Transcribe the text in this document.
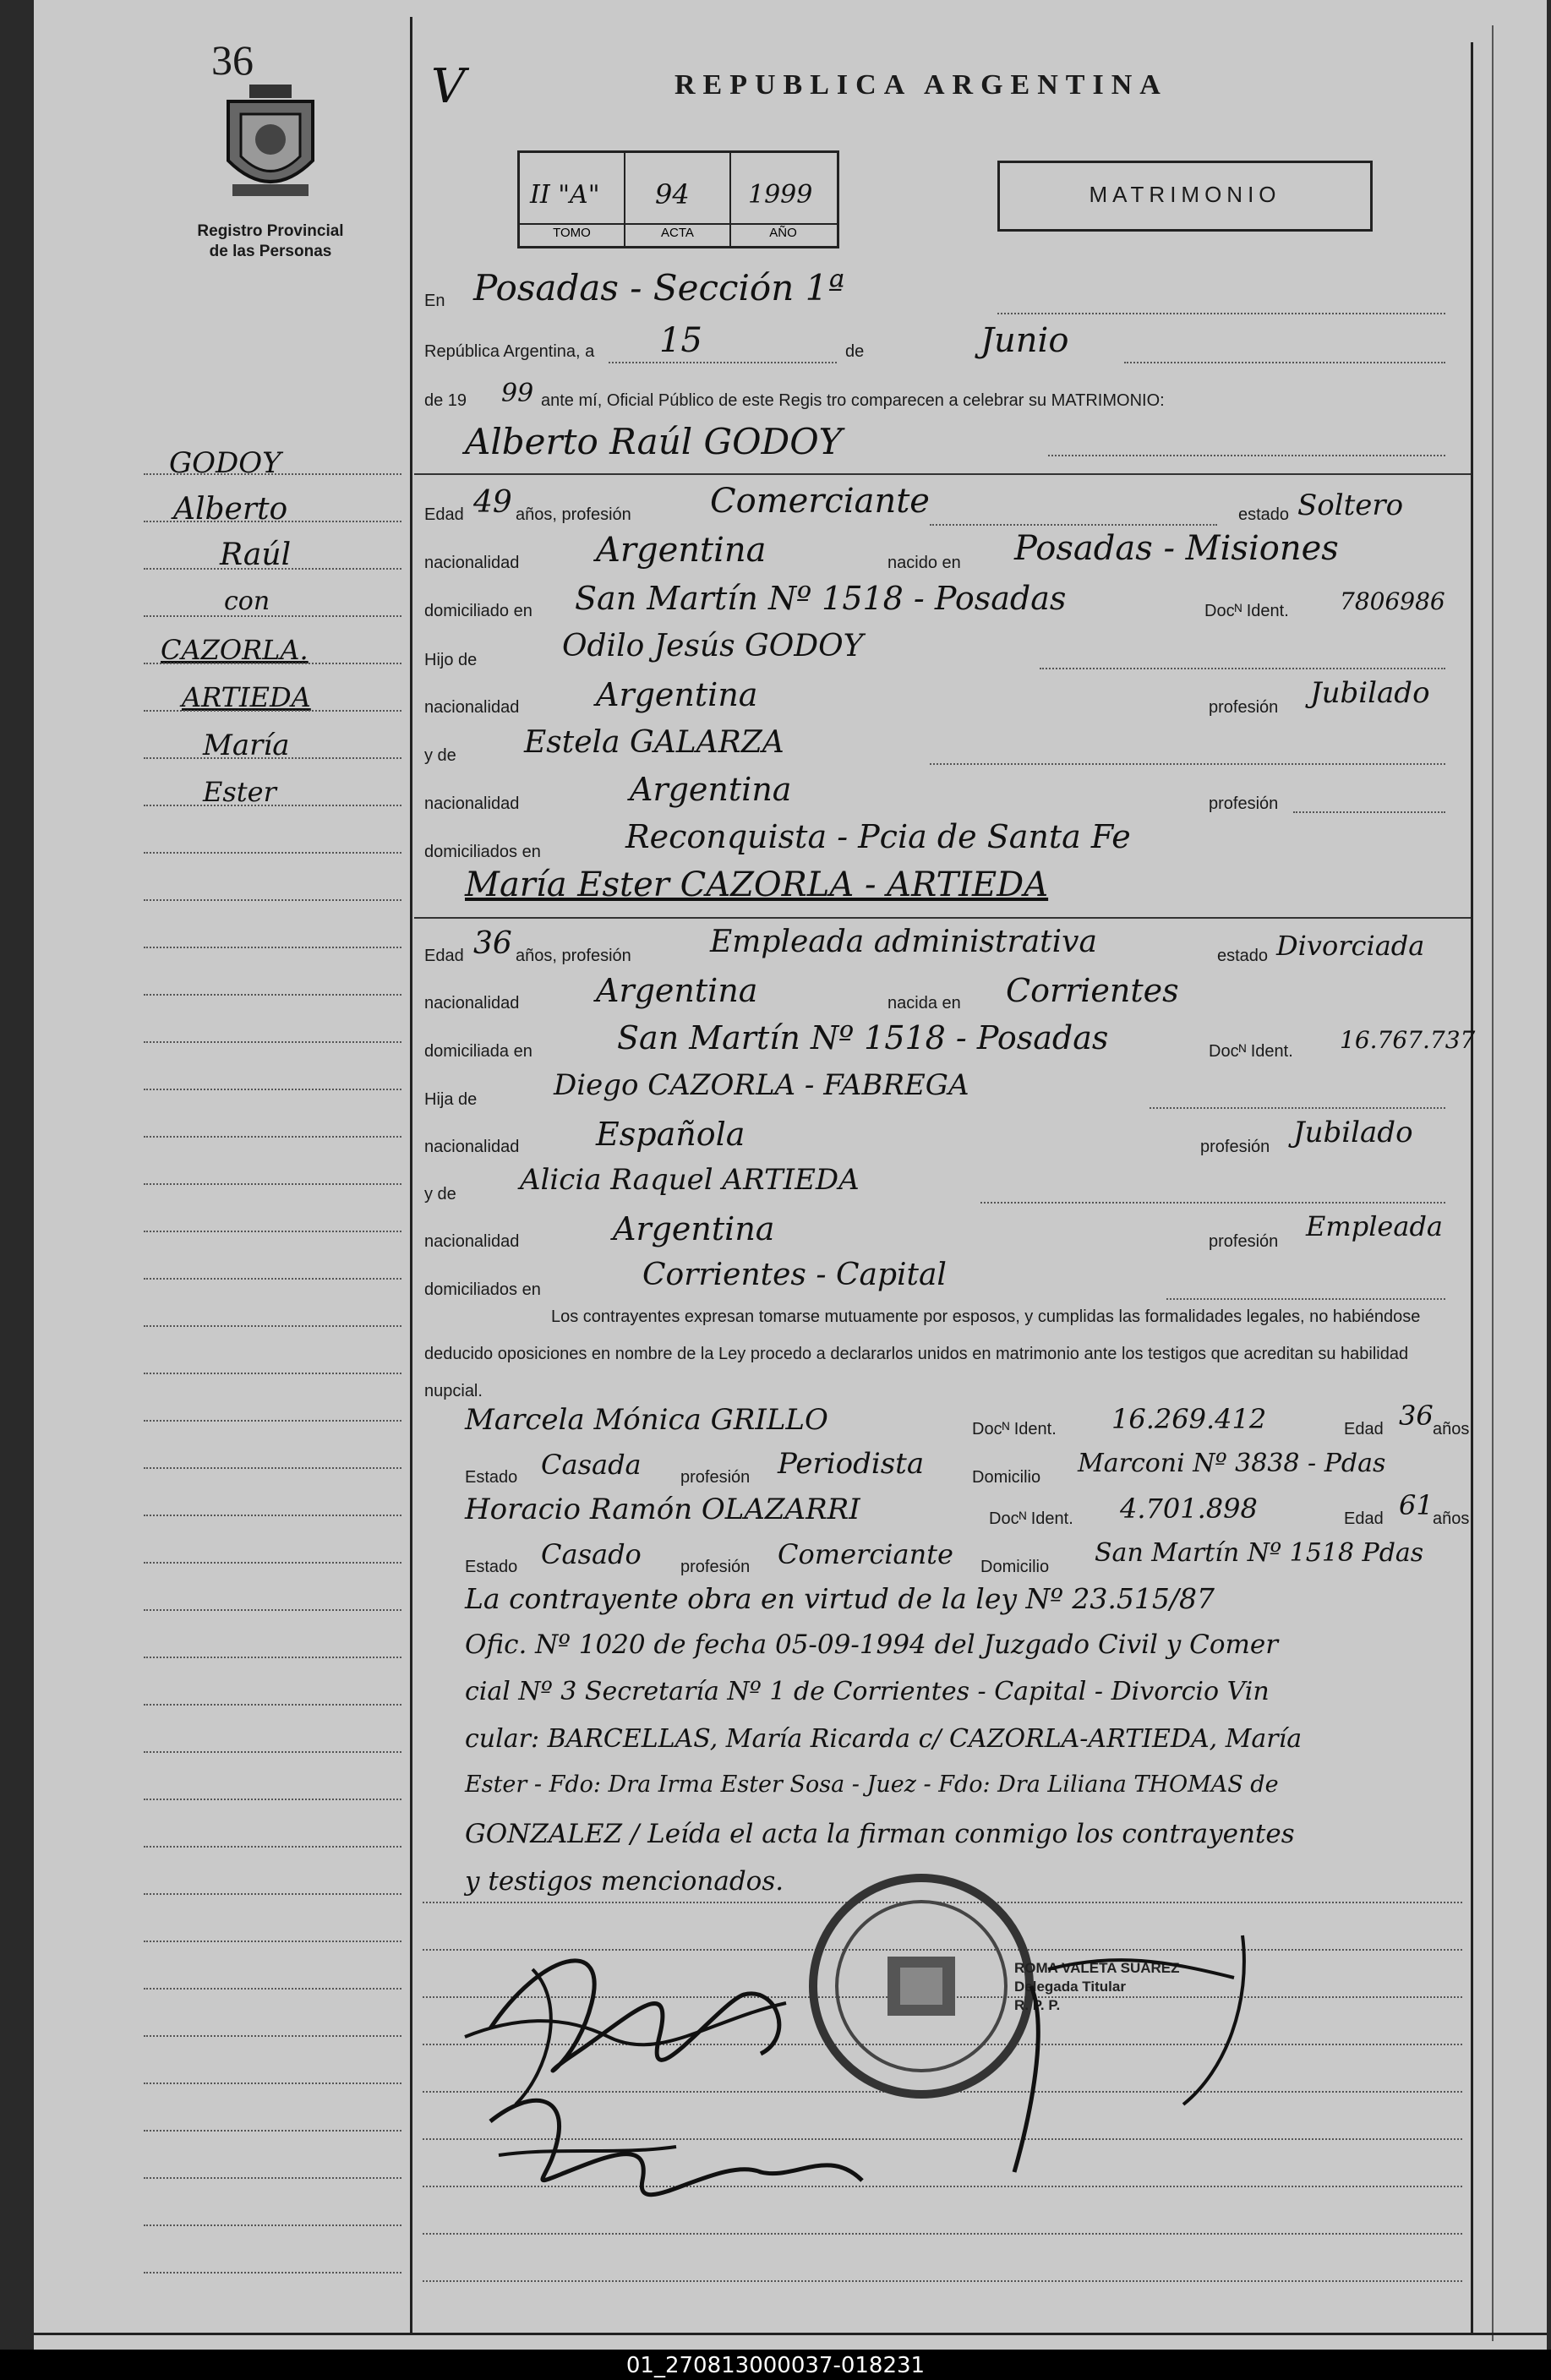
36
Registro Provincial
de las Personas
V	REPUBLICA ARGENTINA
II "A" 94 1999
TOMO	ACTA	AÑO
MATRIMONIO
GODOY
Alberto
Raúl
con
CAZORLA.
ARTIEDA
María
Ester
En Posadas - Sección 1ª
República Argentina, a 15	de	Junio
de 19 99 ante mí, Oficial Público de este Regis tro comparecen a celebrar su MATRIMONIO:
Alberto Raúl GODOY
Edad 49 años, profesión Comerciante	estado Soltero
nacionalidad Argentina	nacido en Posadas - Misiones
domiciliado en San Martín Nº 1518 - Posadas	Docᴺ Ident. 7806986
Hijo de	Odilo Jesús GODOY
nacionalidad Argentina	profesión Jubilado
y de Estela GALARZA
nacionalidad	Argentina	profesión
domiciliados en	Reconquista - Pcia de Santa Fe
María Ester CAZORLA - ARTIEDA
Edad 36 años, profesión	Empleada administrativa	estado Divorciada
nacionalidad Argentina	nacida en Corrientes
domiciliada en	San Martín Nº 1518 - Posadas	Docᴺ Ident. 16.767.737
Hija de	Diego CAZORLA - FABREGA
nacionalidad Española	profesión Jubilado
y de Alicia Raquel ARTIEDA
nacionalidad	Argentina	profesión Empleada
domiciliados en	Corrientes - Capital
Los contrayentes expresan tomarse mutuamente por esposos, y cumplidas las formalidades legales, no habiéndose deducido oposiciones en nombre de la Ley procedo a declararlos unidos en matrimonio ante los testigos que acreditan su habilidad nupcial.
Marcela Mónica GRILLO	Docᴺ Ident. 16.269.412	Edad 36 años
Estado Casada profesión Periodista	Domicilio Marconi Nº 3838 - Pdas
Horacio Ramón OLAZARRI	Docᴺ Ident. 4.701.898	Edad 61 años
Estado Casado profesión Comerciante Domicilio San Martín Nº 1518 Pdas
La contrayente obra en virtud de la ley Nº 23.515/87
Ofic. Nº 1020 de fecha 05-09-1994 del Juzgado Civil y Comer
cial Nº 3 Secretaría Nº 1 de Corrientes - Capital - Divorcio Vin
cular: BARCELLAS, María Ricarda c/ CAZORLA-ARTIEDA, María
Ester - Fdo: Dra Irma Ester Sosa - Juez - Fdo: Dra Liliana THOMAS de
GONZALEZ / Leída el acta la firman conmigo los contrayentes
y testigos mencionados.
ROMA VALETA SUAREZ
Delegada Titular
R. P. P.
01_270813000037-018231
